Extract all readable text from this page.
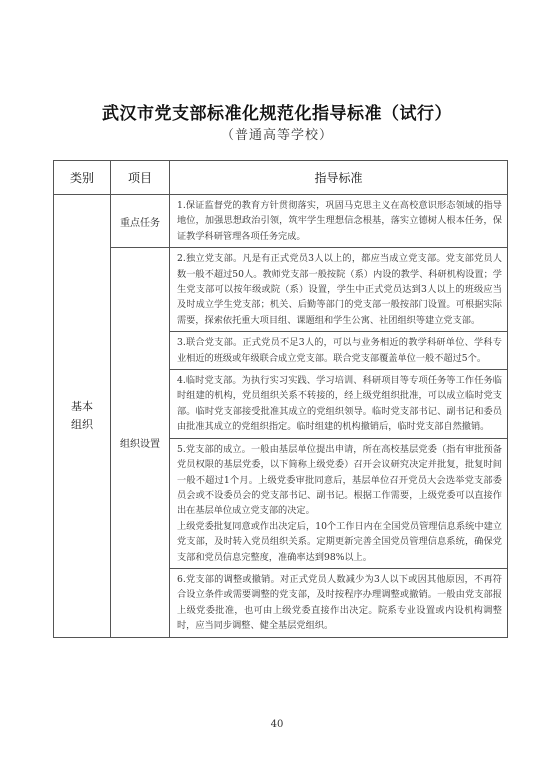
武汉市党支部标准化规范化指导标准（试行）
（普通高等学校）
类别	项目	指导标准

基本
组织	重点任务	1.保证监督党的教育方针贯彻落实，巩固马克思主义在高校意识形态领域的指导地位，加强思想政治引领，筑牢学生理想信念根基，落实立德树人根本任务，保证教学科研管理各项任务完成。

	组织设置	2.独立党支部。凡是有正式党员3人以上的，都应当成立党支部。党支部党员人数一般不超过50人。教师党支部一般按院（系）内设的教学、科研机构设置；学生党支部可以按年级或院（系）设置，学生中正式党员达到3人以上的班级应当及时成立学生党支部；机关、后勤等部门的党支部一般按部门设置。可根据实际需要，探索依托重大项目组、课题组和学生公寓、社团组织等建立党支部。

		3.联合党支部。正式党员不足3人的，可以与业务相近的教学科研单位、学科专业相近的班级或年级联合成立党支部。联合党支部覆盖单位一般不超过5个。

		4.临时党支部。为执行实习实践、学习培训、科研项目等专项任务等工作任务临时组建的机构，党员组织关系不转接的，经上级党组织批准，可以成立临时党支部。临时党支部接受批准其成立的党组织领导。临时党支部书记、副书记和委员由批准其成立的党组织指定。临时组建的机构撤销后，临时党支部自然撤销。

		5.党支部的成立。一般由基层单位提出申请，所在高校基层党委（指有审批预备党员权限的基层党委，以下简称上级党委）召开会议研究决定并批复，批复时间一般不超过1个月。上级党委审批同意后，基层单位召开党员大会选举党支部委员会或不设委员会的党支部书记、副书记。根据工作需要，上级党委可以直接作出在基层单位成立党支部的决定。
上级党委批复同意或作出决定后，10个工作日内在全国党员管理信息系统中建立党支部，及时转入党员组织关系。定期更新完善全国党员管理信息系统，确保党支部和党员信息完整度，准确率达到98%以上。

		6.党支部的调整或撤销。对正式党员人数减少为3人以下或因其他原因，不再符合设立条件或需要调整的党支部，及时按程序办理调整或撤销。一般由党支部报上级党委批准，也可由上级党委直接作出决定。院系专业设置或内设机构调整时，应当同步调整、健全基层党组织。
40
